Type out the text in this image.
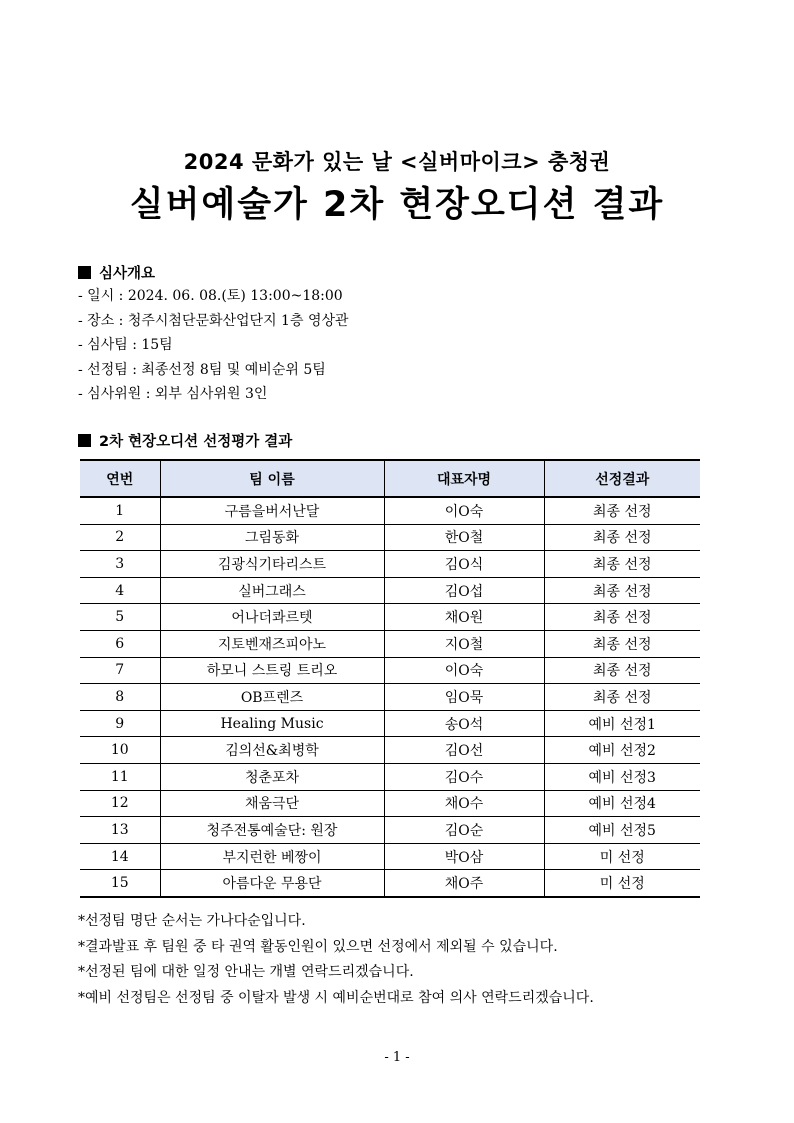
2024 문화가 있는 날 <실버마이크> 충청권
실버예술가 2차 현장오디션 결과
심사개요
- 일시 : 2024. 06. 08.(토) 13:00~18:00
- 장소 : 청주시첨단문화산업단지 1층 영상관
- 심사팀 : 15팀
- 선정팀 : 최종선정 8팀 및 예비순위 5팀
- 심사위원 : 외부 심사위원 3인
2차 현장오디션 선정평가 결과
연번	팀 이름	대표자명	선정결과
1	구름을버서난달	이O숙	최종 선정
2	그림동화	한O철	최종 선정
3	김광식기타리스트	김O식	최종 선정
4	실버그래스	김O섭	최종 선정
5	어나더콰르텟	채O원	최종 선정
6	지토벤재즈피아노	지O철	최종 선정
7	하모니 스트링 트리오	이O숙	최종 선정
8	OB프렌즈	임O묵	최종 선정
9	Healing Music	송O석	예비 선정1
10	김의선&최병학	김O선	예비 선정2
11	청춘포차	김O수	예비 선정3
12	채움극단	채O수	예비 선정4
13	청주전통예술단: 원장	김O순	예비 선정5
14	부지런한 베짱이	박O삼	미 선정
15	아름다운 무용단	채O주	미 선정
*선정팀 명단 순서는 가나다순입니다.
*결과발표 후 팀원 중 타 권역 활동인원이 있으면 선정에서 제외될 수 있습니다.
*선정된 팀에 대한 일정 안내는 개별 연락드리겠습니다.
*예비 선정팀은 선정팀 중 이탈자 발생 시 예비순번대로 참여 의사 연락드리겠습니다.
- 1 -
